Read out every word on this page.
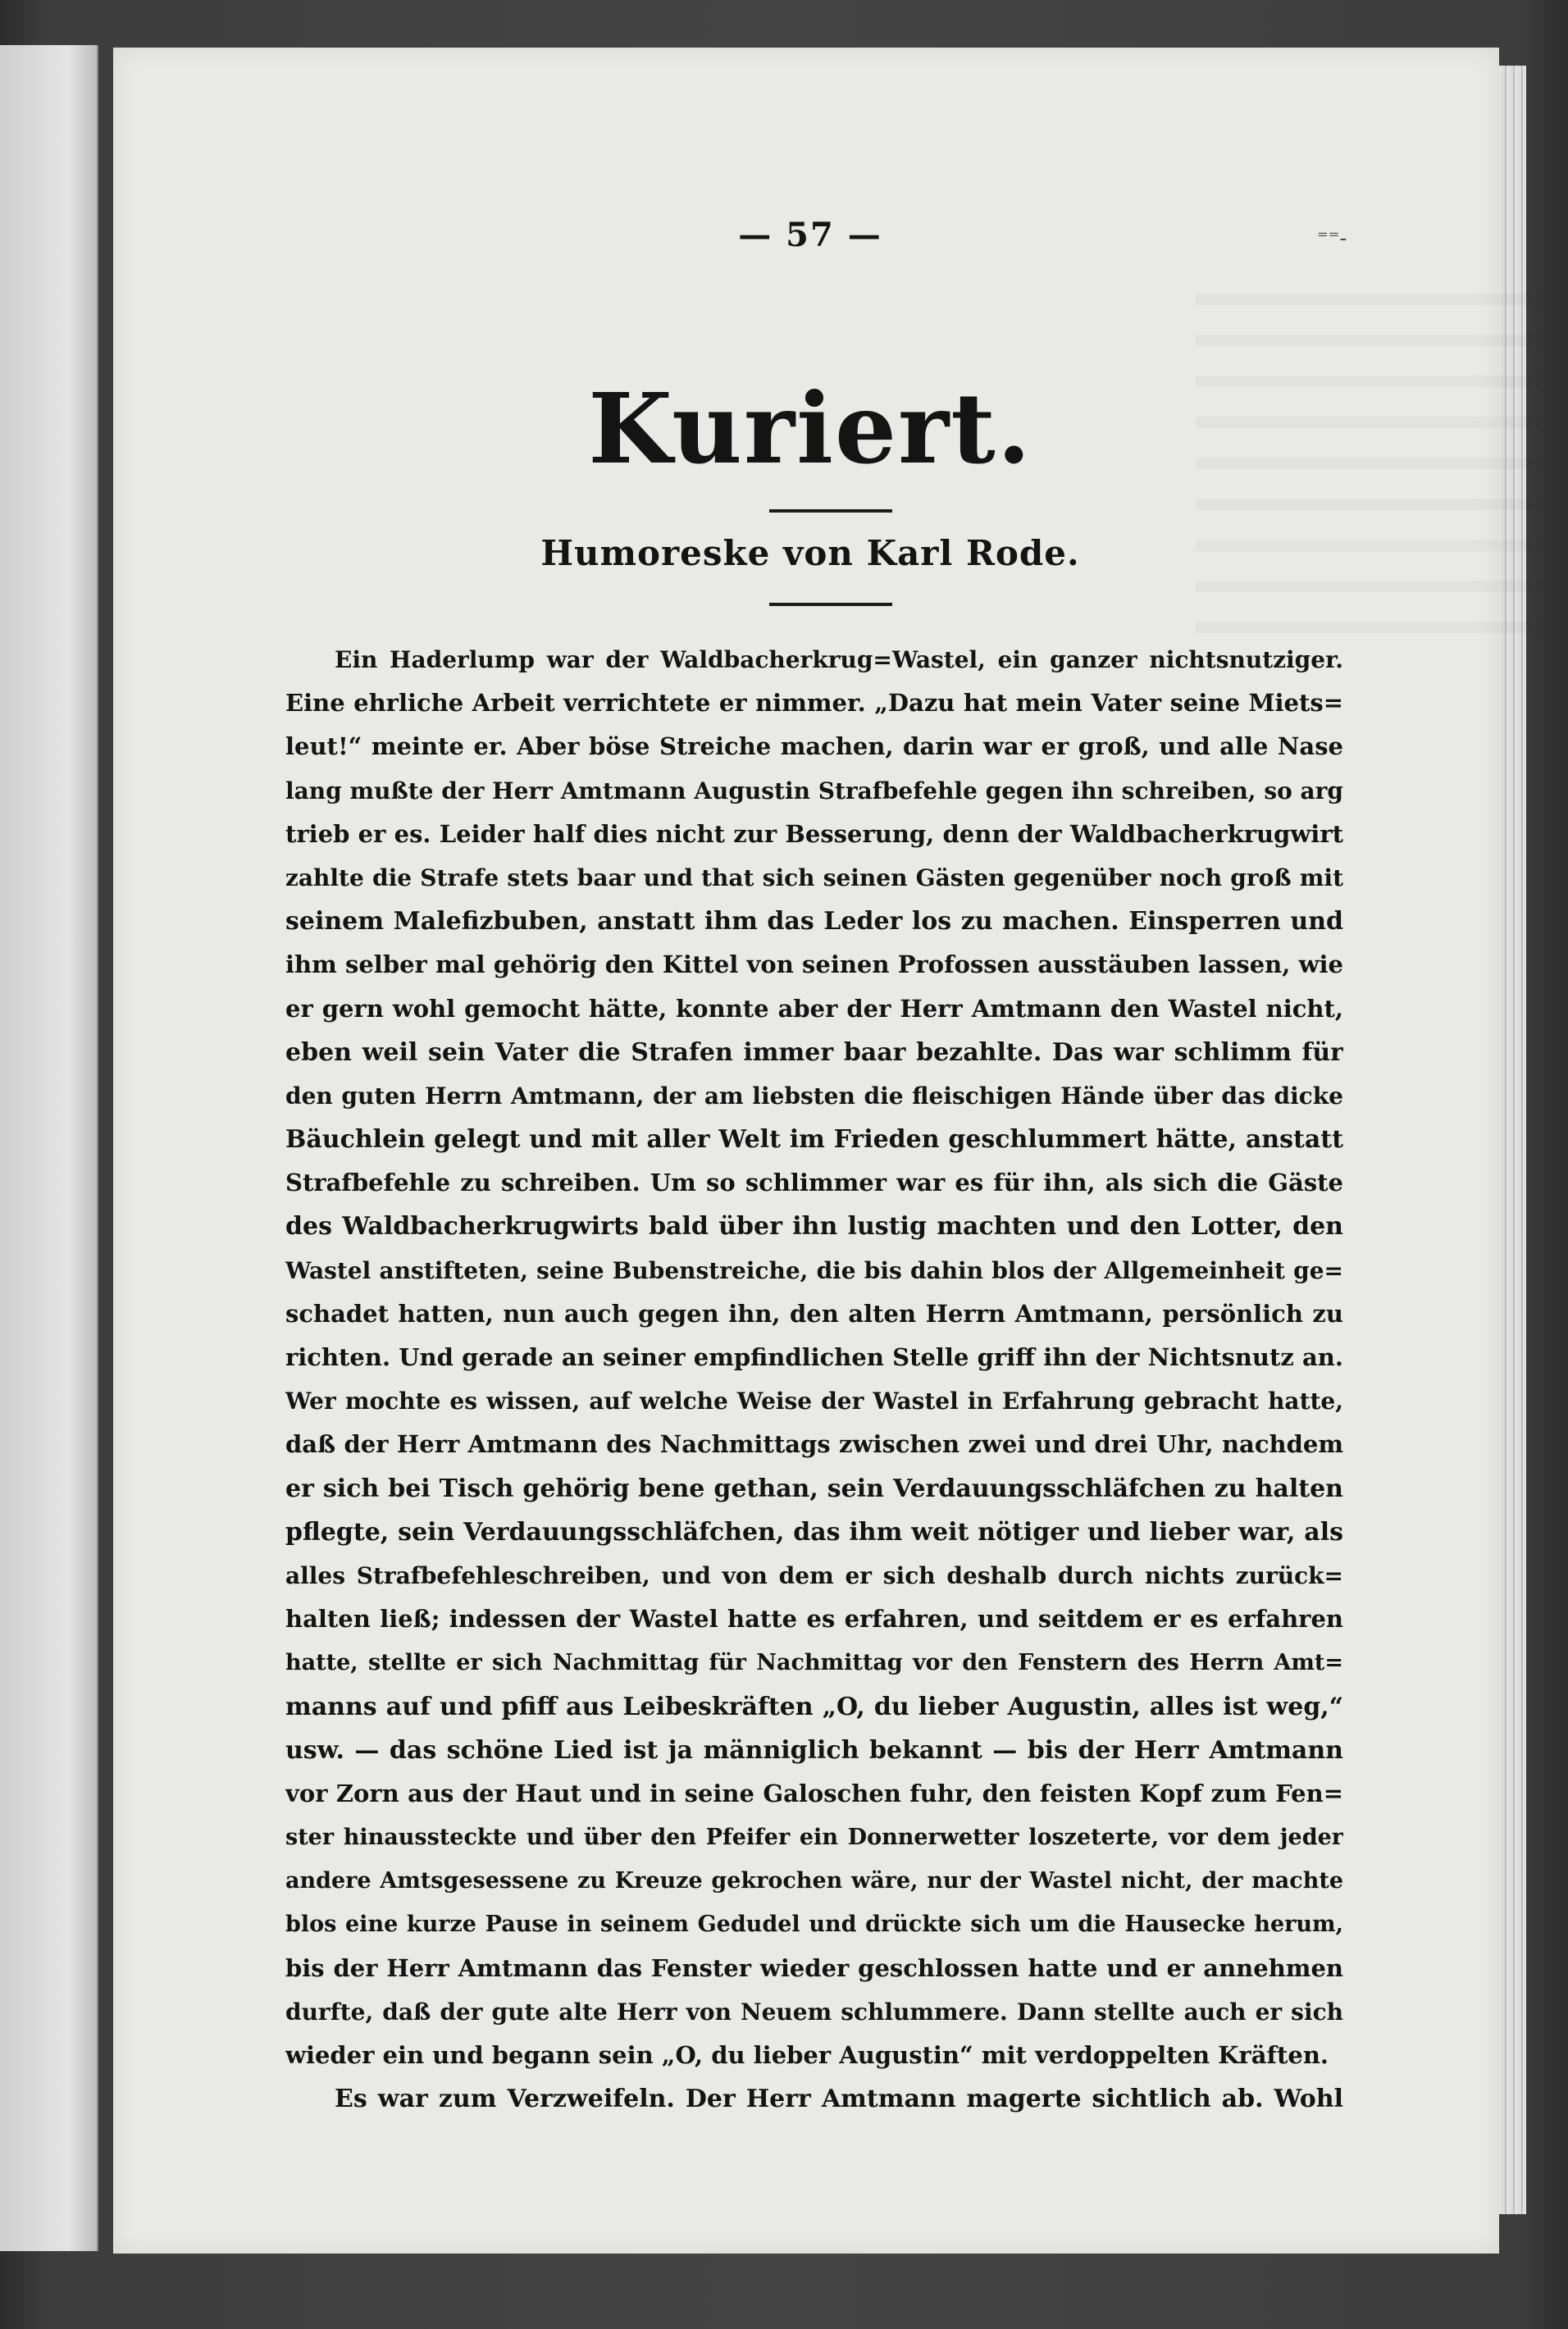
— 57 —	⁼⁼‑
Kuriert.
Humoreske von Karl Rode.
Ein Haderlump war der Waldbacherkrug=Wastel, ein ganzer nichtsnutziger.
Eine ehrliche Arbeit verrichtete er nimmer. „Dazu hat mein Vater seine Miets=
leut!“ meinte er. Aber böse Streiche machen, darin war er groß, und alle Nase
lang mußte der Herr Amtmann Augustin Strafbefehle gegen ihn schreiben, so arg
trieb er es. Leider half dies nicht zur Besserung, denn der Waldbacherkrugwirt
zahlte die Strafe stets baar und that sich seinen Gästen gegenüber noch groß mit
seinem Malefizbuben, anstatt ihm das Leder los zu machen. Einsperren und
ihm selber mal gehörig den Kittel von seinen Profossen ausstäuben lassen, wie
er gern wohl gemocht hätte, konnte aber der Herr Amtmann den Wastel nicht,
eben weil sein Vater die Strafen immer baar bezahlte. Das war schlimm für
den guten Herrn Amtmann, der am liebsten die fleischigen Hände über das dicke
Bäuchlein gelegt und mit aller Welt im Frieden geschlummert hätte, anstatt
Strafbefehle zu schreiben. Um so schlimmer war es für ihn, als sich die Gäste
des Waldbacherkrugwirts bald über ihn lustig machten und den Lotter, den
Wastel anstifteten, seine Bubenstreiche, die bis dahin blos der Allgemeinheit ge=
schadet hatten, nun auch gegen ihn, den alten Herrn Amtmann, persönlich zu
richten. Und gerade an seiner empfindlichen Stelle griff ihn der Nichtsnutz an.
Wer mochte es wissen, auf welche Weise der Wastel in Erfahrung gebracht hatte,
daß der Herr Amtmann des Nachmittags zwischen zwei und drei Uhr, nachdem
er sich bei Tisch gehörig bene gethan, sein Verdauungsschläfchen zu halten
pflegte, sein Verdauungsschläfchen, das ihm weit nötiger und lieber war, als
alles Strafbefehleschreiben, und von dem er sich deshalb durch nichts zurück=
halten ließ; indessen der Wastel hatte es erfahren, und seitdem er es erfahren
hatte, stellte er sich Nachmittag für Nachmittag vor den Fenstern des Herrn Amt=
manns auf und pfiff aus Leibeskräften „O, du lieber Augustin, alles ist weg,“
usw. — das schöne Lied ist ja männiglich bekannt — bis der Herr Amtmann
vor Zorn aus der Haut und in seine Galoschen fuhr, den feisten Kopf zum Fen=
ster hinaussteckte und über den Pfeifer ein Donnerwetter loszeterte, vor dem jeder
andere Amtsgesessene zu Kreuze gekrochen wäre, nur der Wastel nicht, der machte
blos eine kurze Pause in seinem Gedudel und drückte sich um die Hausecke herum,
bis der Herr Amtmann das Fenster wieder geschlossen hatte und er annehmen
durfte, daß der gute alte Herr von Neuem schlummere. Dann stellte auch er sich
wieder ein und begann sein „O, du lieber Augustin“ mit verdoppelten Kräften.
Es war zum Verzweifeln. Der Herr Amtmann magerte sichtlich ab. Wohl
